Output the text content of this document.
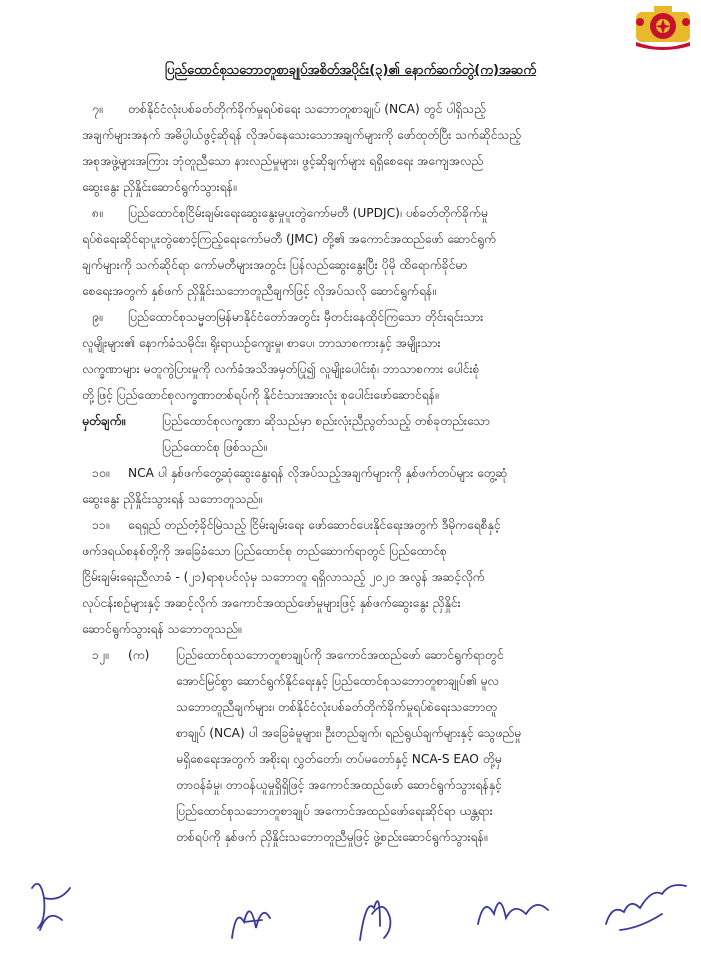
ပြည်ထောင်စုသဘောတူစာချုပ်အစိတ်အပိုင်း(၃)၏ နောက်ဆက်တွဲ(က)အဆက်
၇။	တစ်နိုင်ငံလုံးပစ်ခတ်တိုက်ခိုက်မှုရပ်စဲရေး သဘောတူစာချုပ် (NCA) တွင် ပါရှိသည့်
အချက်များအနက် အဓိပ္ပါယ်ဖွင့်ဆိုရန် လိုအပ်နေသေးသောအချက်များကို ဖော်ထုတ်ပြီး သက်ဆိုင်သည့်
အစုအဖွဲ့များအကြား ဘုံတူညီသော နားလည်မှုများ၊ ဖွင့်ဆိုချက်များ ရရှိစေရေး အကျေအလည်
ဆွေးနွေး ညှိနှိုင်းဆောင်ရွက်သွားရန်။
၈။	ပြည်ထောင်စုငြိမ်းချမ်းရေးဆွေးနွေးမှုပူးတွဲကော်မတီ (UPDJC)၊ ပစ်ခတ်တိုက်ခိုက်မှု
ရပ်စဲရေးဆိုင်ရာပူးတွဲစောင့်ကြည့်ရေးကော်မတီ (JMC) တို့၏ အကောင်အထည်ဖော် ဆောင်ရွက်
ချက်များကို သက်ဆိုင်ရာ ကော်မတီများအတွင်း ပြန်လည်ဆွေးနွေးပြီး ပိုမို ထိရောက်ခိုင်မာ
စေရေးအတွက် နှစ်ဖက် ညှိနှိုင်းသဘောတူညီချက်ဖြင့် လိုအပ်သလို ဆောင်ရွက်ရန်။
၉။	ပြည်ထောင်စုသမ္မတမြန်မာနိုင်ငံတော်အတွင်း မှီတင်းနေထိုင်ကြသော တိုင်းရင်းသား
လူမျိုးများ၏ နောက်ခံသမိုင်း၊ ရိုးရာယဉ်ကျေးမှု၊ စာပေ၊ ဘာသာစကားနှင့် အမျိုးသား
လက္ခဏာများ မတူကွဲပြားမှုကို လက်ခံအသိအမှတ်ပြု၍ လူမျိုးပေါင်းစုံ၊ ဘာသာစကား ပေါင်းစုံ
တို့ဖြင့် ပြည်ထောင်စုလက္ခဏာတစ်ရပ်ကို နိုင်ငံသားအားလုံး စုပေါင်းဖော်ဆောင်ရန်။
မှတ်ချက်။	ပြည်ထောင်စုလက္ခဏာ ဆိုသည်မှာ စည်းလုံးညီညွတ်သည့် တစ်ခုတည်းသော
ပြည်ထောင်စု ဖြစ်သည်။
၁၀။	NCA ပါ နှစ်ဖက်တွေ့ဆုံဆွေးနွေးရန် လိုအပ်သည့်အချက်များကို နှစ်ဖက်တပ်များ တွေ့ဆုံ
ဆွေးနွေး ညှိနှိုင်းသွားရန် သဘောတူသည်။
၁၁။	ရေရှည် တည်တံ့ခိုင်မြဲသည့် ငြိမ်းချမ်းရေး ဖော်ဆောင်ပေးနိုင်ရေးအတွက် ဒီမိုကရေစီနှင့်
ဖက်ဒရယ်စနစ်တို့ကို အခြေခံသော ပြည်ထောင်စု တည်ဆောက်ရာတွင် ပြည်ထောင်စု
ငြိမ်းချမ်းရေးညီလာခံ - (၂၁)ရာစုပင်လုံမှ သဘောတူ ရရှိလာသည့် ၂၀၂၀ အလွန် အဆင့်လိုက်
လုပ်ငန်းစဉ်များနှင့် အဆင့်လိုက် အကောင်အထည်ဖော်မှုများဖြင့် နှစ်ဖက်ဆွေးနွေး ညှိနှိုင်း
ဆောင်ရွက်သွားရန် သဘောတူသည်။
၁၂။ (က) ပြည်ထောင်စုသဘောတူစာချုပ်ကို အကောင်အထည်ဖော် ဆောင်ရွက်ရာတွင်
အောင်မြင်စွာ ဆောင်ရွက်နိုင်ရေးနှင့် ပြည်ထောင်စုသဘောတူစာချုပ်၏ မူလ
သဘောတူညီချက်များ၊ တစ်နိုင်ငံလုံးပစ်ခတ်တိုက်ခိုက်မှုရပ်စဲရေးသဘောတူ
စာချုပ် (NCA) ပါ အခြေခံမူများ၊ ဦးတည်ချက်၊ ရည်ရွယ်ချက်များနှင့် သွေဖည်မှု
မရှိစေရေးအတွက် အစိုးရ၊ လွှတ်တော်၊ တပ်မတော်နှင့် NCA-S EAO တို့မှ
တာဝန်ခံမှု၊ တာဝန်ယူမှုရှိရှိဖြင့် အကောင်အထည်ဖော် ဆောင်ရွက်သွားရန်နှင့်
ပြည်ထောင်စုသဘောတူစာချုပ် အကောင်အထည်ဖော်ရေးဆိုင်ရာ ယန္တရား
တစ်ရပ်ကို နှစ်ဖက် ညှိနှိုင်းသဘောတူညီမှုဖြင့် ဖွဲ့စည်းဆောင်ရွက်သွားရန်။
